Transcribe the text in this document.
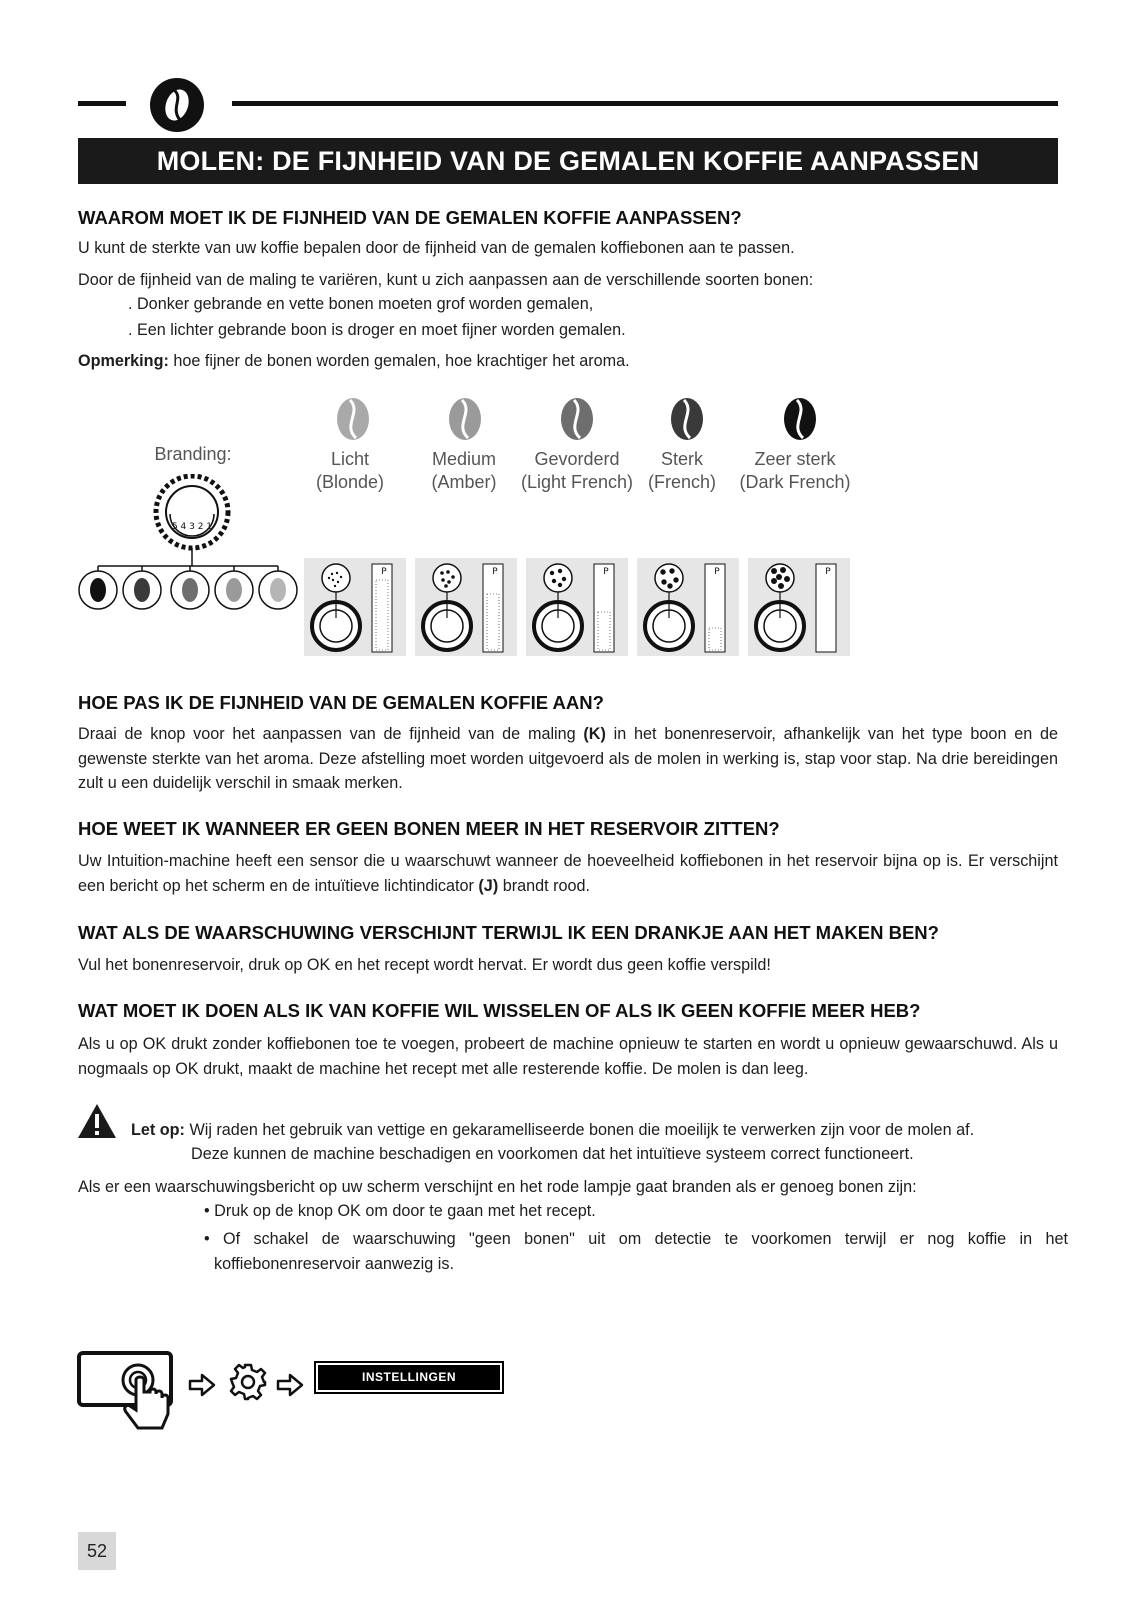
MOLEN: DE FIJNHEID VAN DE GEMALEN KOFFIE AANPASSEN
WAAROM MOET IK DE FIJNHEID VAN DE GEMALEN KOFFIE AANPASSEN?

U kunt de sterkte van uw koffie bepalen door de fijnheid van de gemalen koffiebonen aan te passen.

Door de fijnheid van de maling te variëren, kunt u zich aanpassen aan de verschillende soorten bonen:

. Donker gebrande en vette bonen moeten grof worden gemalen,

. Een lichter gebrande boon is droger en moet fijner worden gemalen.

Opmerking: hoe fijner de bonen worden gemalen, hoe krachtiger het aroma.

Branding:	Licht
(Blonde)
Medium
(Amber)
Gevorderd
(Light French)
Sterk
(French)
Zeer sterk
(Dark French)
5 4 3 2 1
P	P	P	P	P
HOE PAS IK DE FIJNHEID VAN DE GEMALEN KOFFIE AAN?

Draai de knop voor het aanpassen van de fijnheid van de maling (K) in het bonenreservoir, afhankelijk van het type boon en de gewenste sterkte van het aroma. Deze afstelling moet worden uitgevoerd als de molen in werking is, stap voor stap. Na drie bereidingen zult u een duidelijk verschil in smaak merken.

HOE WEET IK WANNEER ER GEEN BONEN MEER IN HET RESERVOIR ZITTEN?

Uw Intuition-machine heeft een sensor die u waarschuwt wanneer de hoeveelheid koffiebonen in het reservoir bijna op is. Er verschijnt een bericht op het scherm en de intuïtieve lichtindicator (J) brandt rood.

WAT ALS DE WAARSCHUWING VERSCHIJNT TERWIJL IK EEN DRANKJE AAN HET MAKEN BEN?

Vul het bonenreservoir, druk op OK en het recept wordt hervat. Er wordt dus geen koffie verspild!

WAT MOET IK DOEN ALS IK VAN KOFFIE WIL WISSELEN OF ALS IK GEEN KOFFIE MEER HEB?

Als u op OK drukt zonder koffiebonen toe te voegen, probeert de machine opnieuw te starten en wordt u opnieuw gewaarschuwd. Als u nogmaals op OK drukt, maakt de machine het recept met alle resterende koffie. De molen is dan leeg.

Let op: Wij raden het gebruik van vettige en gekaramelliseerde bonen die moeilijk te verwerken zijn voor de molen af.

Deze kunnen de machine beschadigen en voorkomen dat het intuïtieve systeem correct functioneert.

Als er een waarschuwingsbericht op uw scherm verschijnt en het rode lampje gaat branden als er genoeg bonen zijn:

• Druk op de knop OK om door te gaan met het recept.

• Of schakel de waarschuwing "geen bonen" uit om detectie te voorkomen terwijl er nog koffie in het koffiebonenreservoir aanwezig is.

INSTELLINGEN
52
